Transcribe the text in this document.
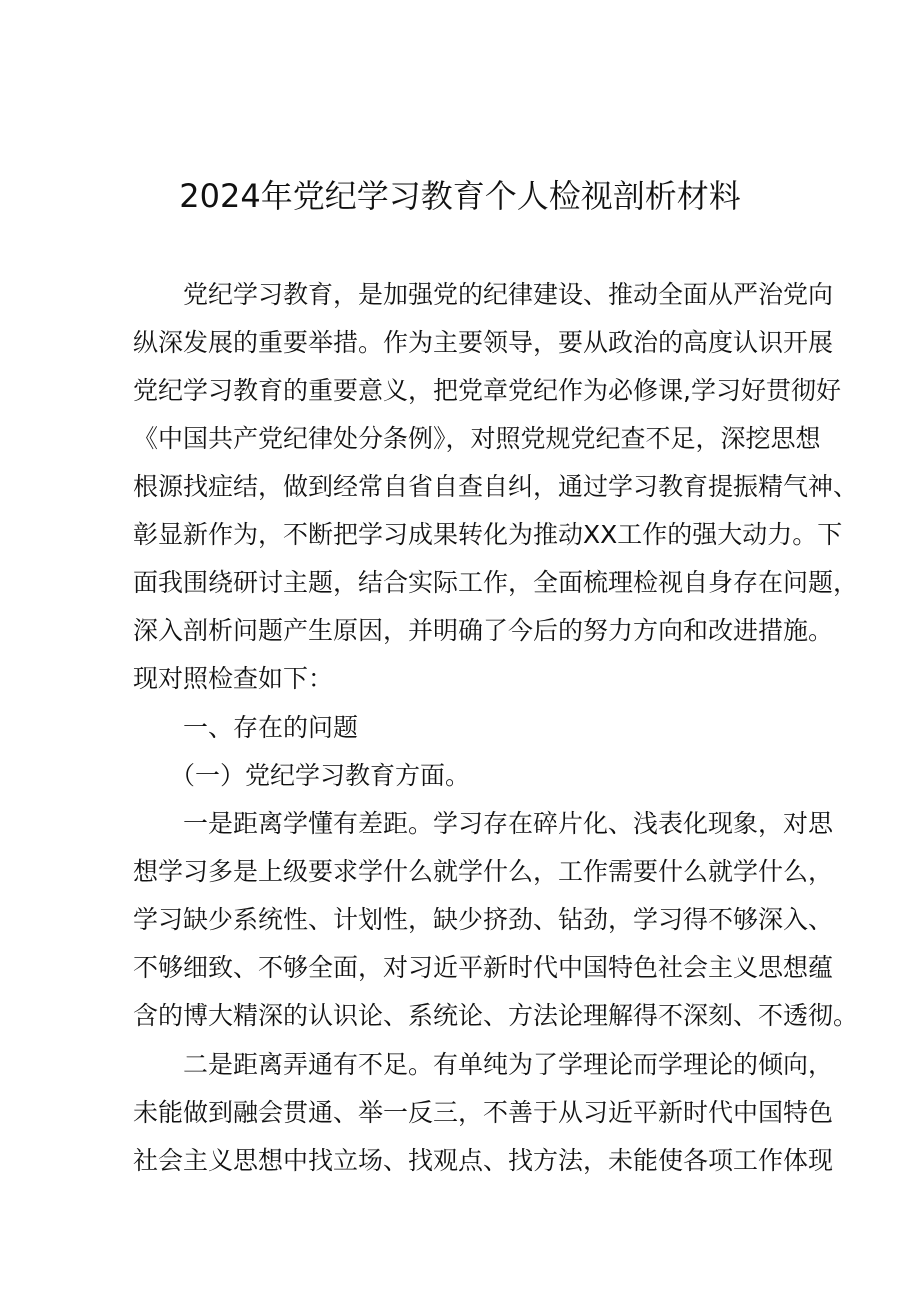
2024年党纪学习教育个人检视剖析材料

党纪学习教育，是加强党的纪律建设、推动全面从严治党向

纵深发展的重要举措。作为主要领导，要从政治的高度认识开展

党纪学习教育的重要意义，把党章党纪作为必修课,学习好贯彻好

《中国共产党纪律处分条例》，对照党规党纪查不足，深挖思想

根源找症结，做到经常自省自查自纠，通过学习教育提振精气神、

彰显新作为，不断把学习成果转化为推动XX工作的强大动力。下

面我围绕研讨主题，结合实际工作，全面梳理检视自身存在问题，

深入剖析问题产生原因，并明确了今后的努力方向和改进措施。

现对照检查如下：

一、存在的问题

（一）党纪学习教育方面。

一是距离学懂有差距。学习存在碎片化、浅表化现象，对思

想学习多是上级要求学什么就学什么，工作需要什么就学什么，

学习缺少系统性、计划性，缺少挤劲、钻劲，学习得不够深入、

不够细致、不够全面，对习近平新时代中国特色社会主义思想蕴

含的博大精深的认识论、系统论、方法论理解得不深刻、不透彻。

二是距离弄通有不足。有单纯为了学理论而学理论的倾向，

未能做到融会贯通、举一反三，不善于从习近平新时代中国特色

社会主义思想中找立场、找观点、找方法，未能使各项工作体现
